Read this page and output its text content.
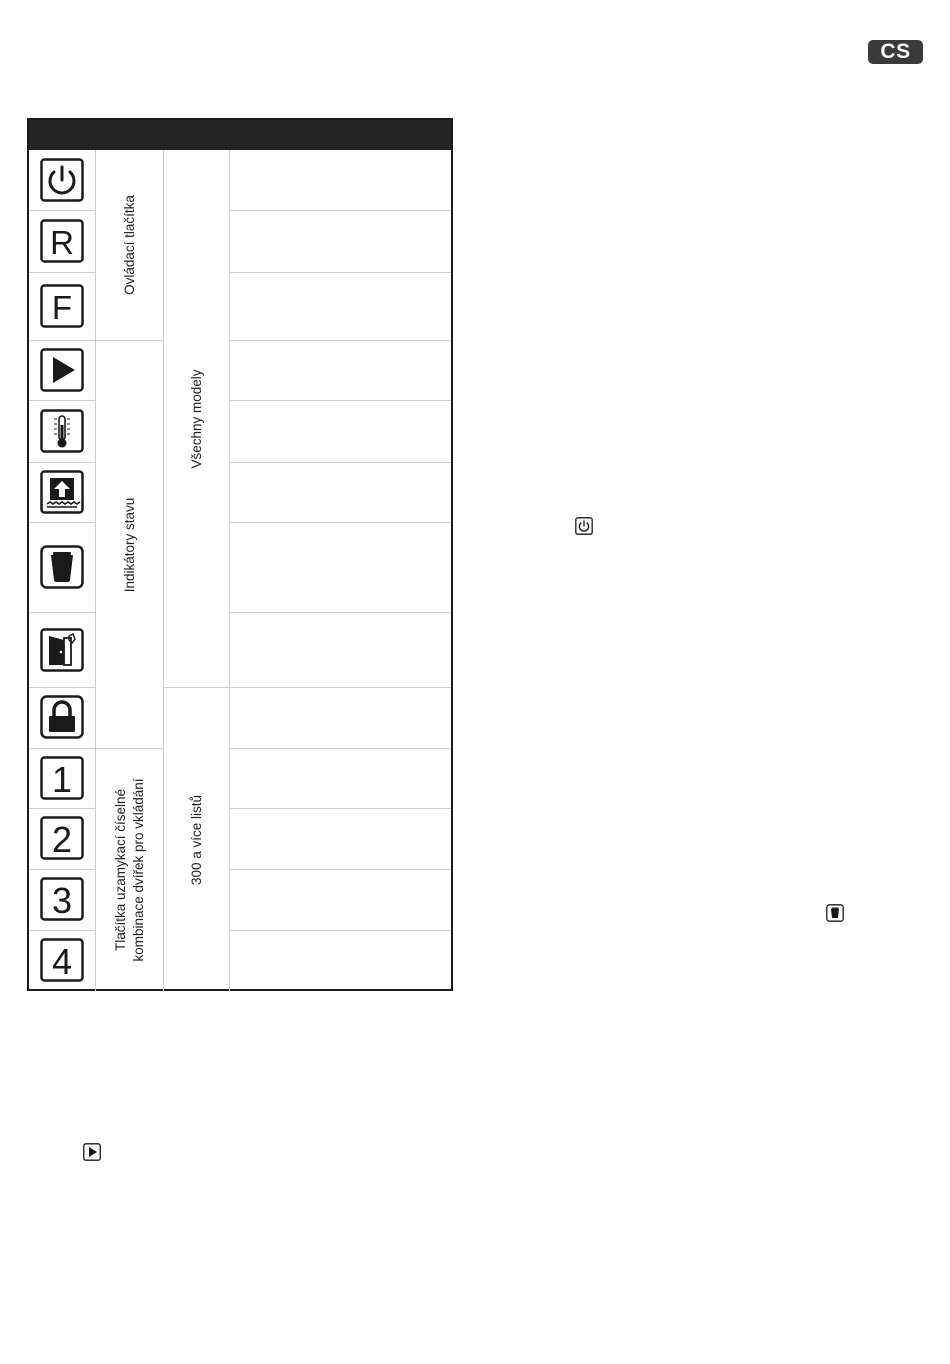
CS
R
F
1
2
3
4
Ovládací tlačítka
Indikátory stavu
Tlačítka uzamykací číselné kombinace dvířek pro vkládání
Všechny modely
300 a více listů
